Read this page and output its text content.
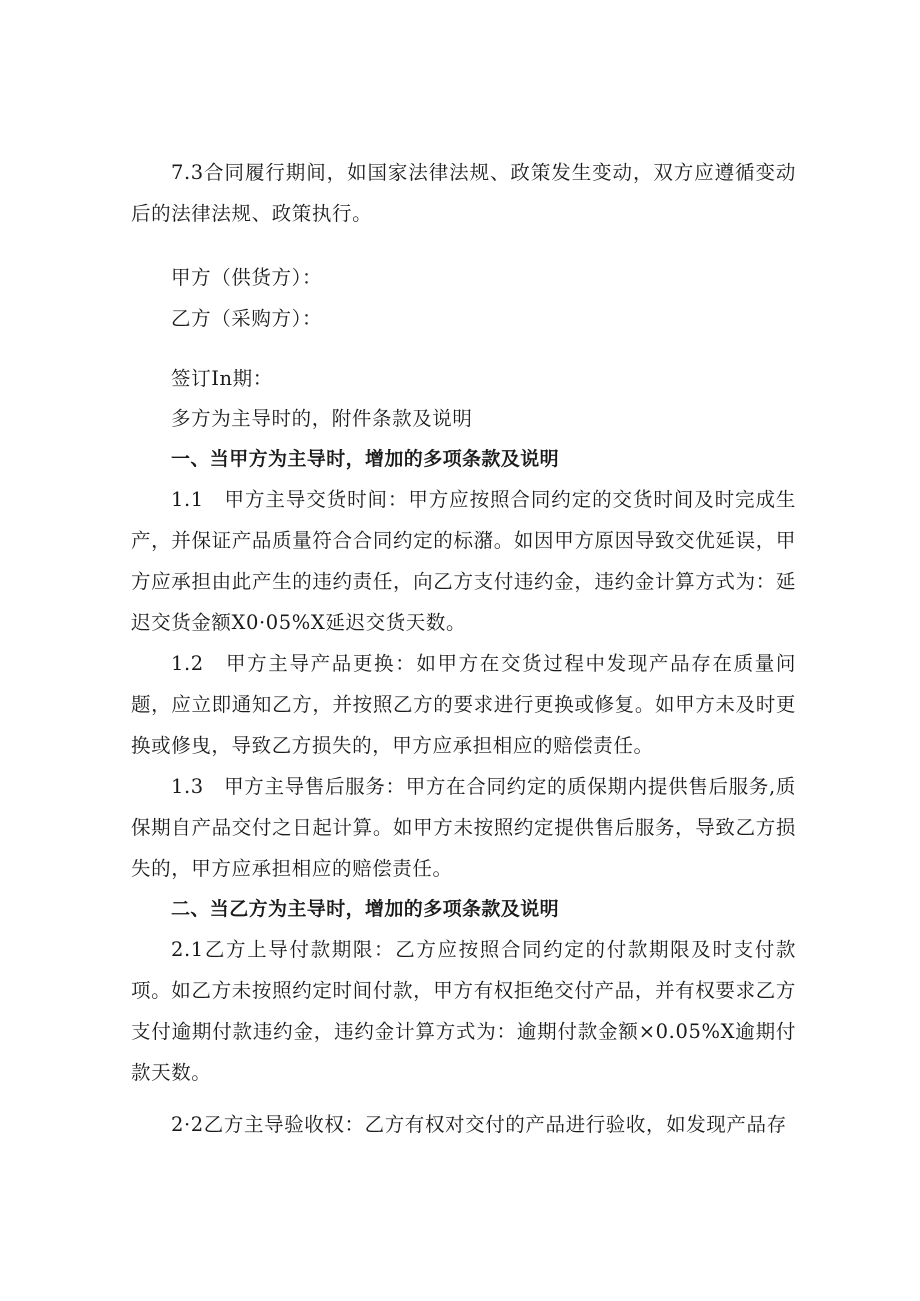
7.3合同履行期间，如国家法律法规、政策发生变动，双方应遵循变动后的法律法规、政策执行。

甲方（供货方）：

乙方（采购方）：

签订In期：

多方为主导时的，附件条款及说明

一、当甲方为主导时，增加的多项条款及说明

1.1　甲方主导交货时间：甲方应按照合同约定的交货时间及时完成生产，并保证产品质量符合合同约定的标潴。如因甲方原因导致交优延误，甲方应承担由此产生的违约责任，向乙方支付违约金，违约金计算方式为：延迟交货金额X0·05%X延迟交货天数。

1.2　甲方主导产品更换：如甲方在交货过程中发现产品存在质量问题，应立即通知乙方，并按照乙方的要求进行更换或修复。如甲方未及时更换或修曳，导致乙方损失的，甲方应承担相应的赔偿责任。

1.3　甲方主导售后服务：甲方在合同约定的质保期内提供售后服务,质保期自产品交付之日起计算。如甲方未按照约定提供售后服务，导致乙方损失的，甲方应承担相应的赔偿责任。

二、当乙方为主导时，增加的多项条款及说明

2.1乙方上导付款期限：乙方应按照合同约定的付款期限及时支付款项。如乙方未按照约定时间付款，甲方有权拒绝交付产品，并有权要求乙方支付逾期付款违约金，违约金计算方式为：逾期付款金额×0.05%X逾期付款天数。

2·2乙方主导验收权：乙方有权对交付的产品进行验收，如发现产品存
